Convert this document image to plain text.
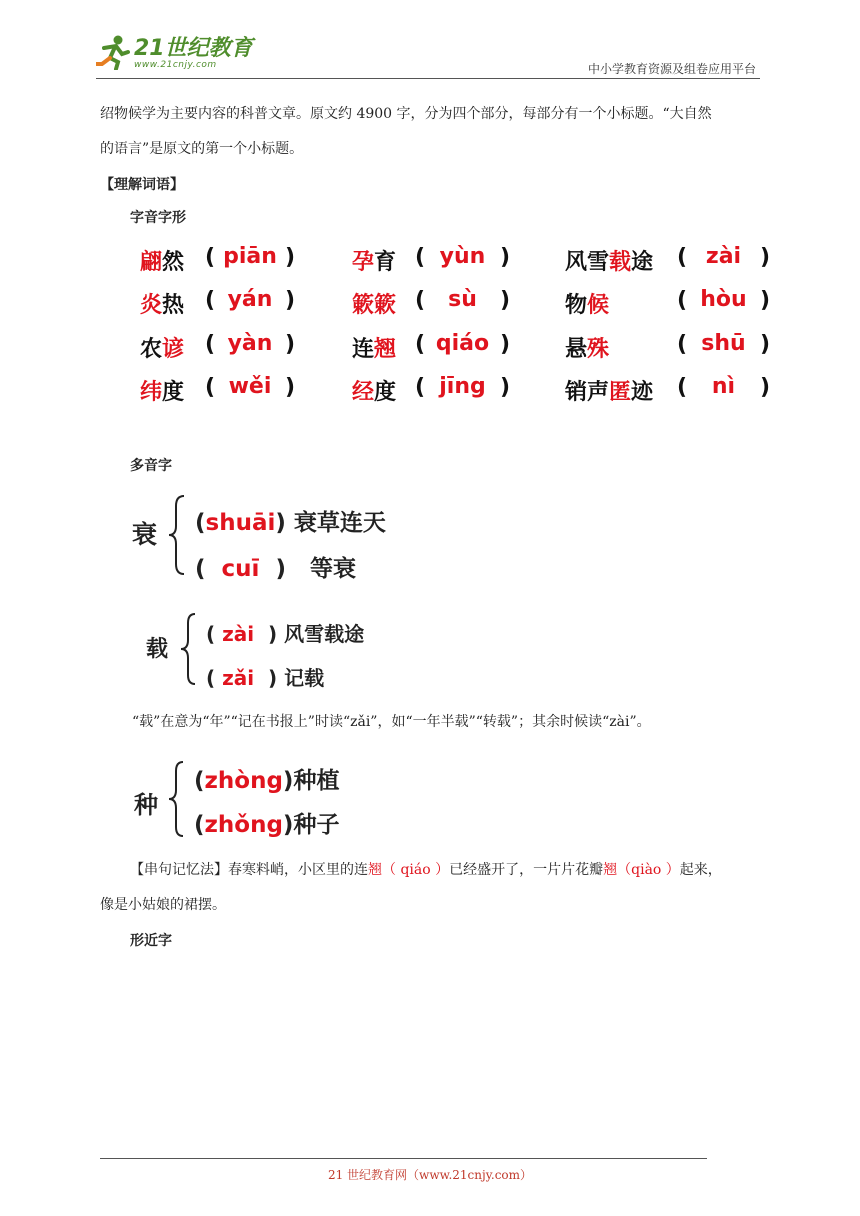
21世纪教育
www.21cnjy.com	中小学教育资源及组卷应用平台
绍物候学为主要内容的科普文章。原文约 4900 字，分为四个部分，每部分有一个小标题。“大自然
的语言”是原文的第一个小标题。
【理解词语】
字音字形
翩然 ( piān )	孕育 ( yùn ) 风雪载途 ( zài )
炎热 ( yán )	簌簌 (	sù	) 物候	( hòu )
农谚 ( yàn )	连翘 ( qiáo ) 悬殊	( shū )
纬度 ( wěi )	经度 ( jīng ) 销声匿迹 (	nì	)
多音字
衰 (shuāi) 衰草连天
(  cuī  )   等衰
载
( zài  ) 风雪载途
( zǎi  ) 记载
“载”在意为“年”“记在书报上”时读“zǎi”，如“一年半载”“转载”；其余时候读“zài”。
种
(zhòng)种植
(zhǒng)种子
【串句记忆法】春寒料峭，小区里的连翘（ qiáo ）已经盛开了，一片片花瓣翘（qiào ）起来，
像是小姑娘的裙摆。
形近字
21 世纪教育网（www.21cnjy.com）
